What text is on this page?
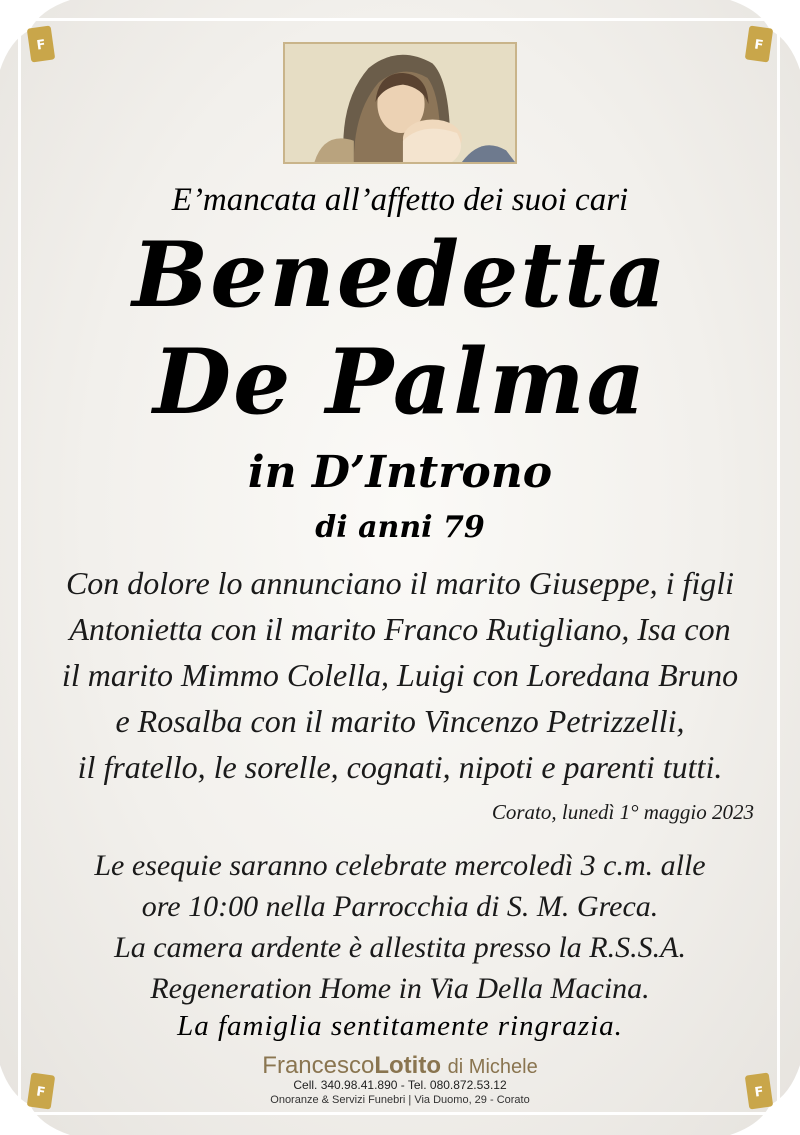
F	F
F	F

E’mancata all’affetto dei suoi cari

Benedetta

De Palma

in D’Introno

di anni 79

Con dolore lo annunciano il marito Giuseppe, i figli
Antonietta con il marito Franco Rutigliano, Isa con
il marito Mimmo Colella, Luigi con Loredana Bruno
e Rosalba con il marito Vincenzo Petrizzelli,
il fratello, le sorelle, cognati, nipoti e parenti tutti.
Corato, lunedì 1° maggio 2023
Le esequie saranno celebrate mercoledì 3 c.m. alle
ore 10:00 nella Parrocchia di S. M. Greca.
La camera ardente è allestita presso la R.S.S.A.
Regeneration Home in Via Della Macina.

La famiglia sentitamente ringrazia.

FrancescoLotito di Michele
Cell. 340.98.41.890 - Tel. 080.872.53.12
Onoranze & Servizi Funebri | Via Duomo, 29 - Corato
